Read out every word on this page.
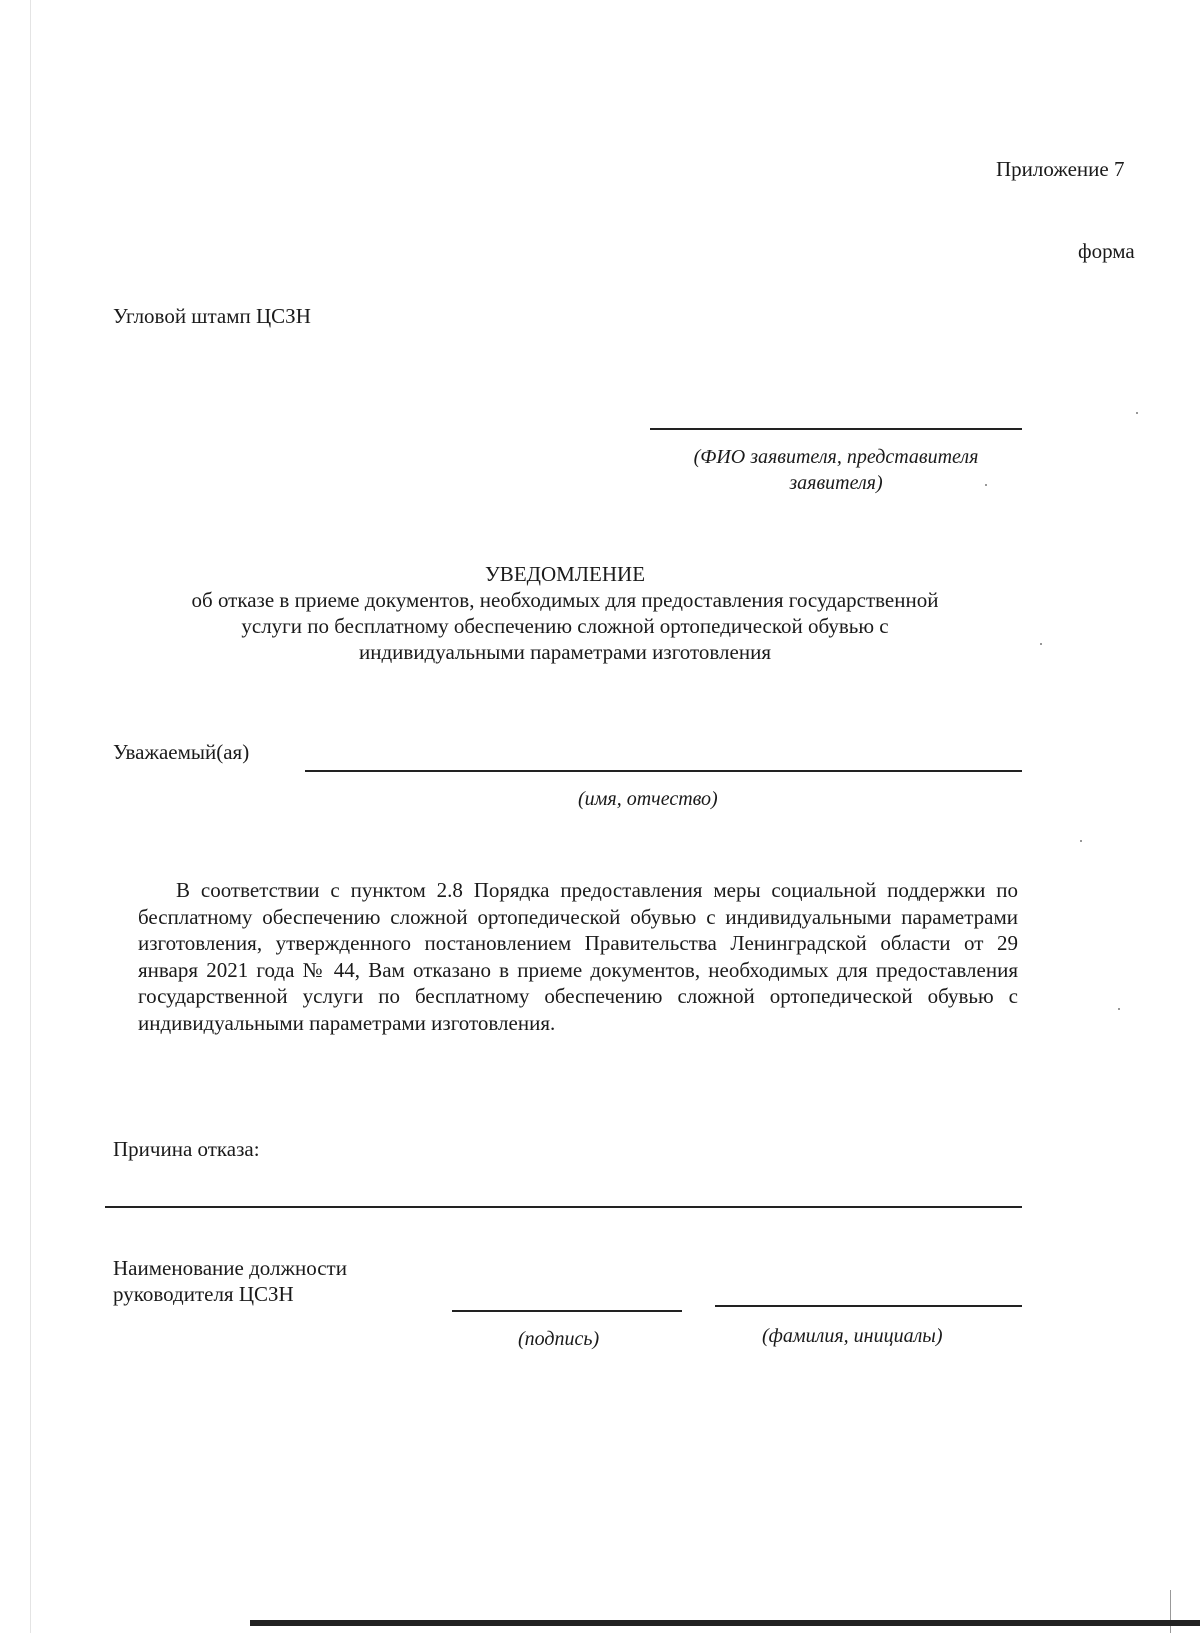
Приложение 7
форма
Угловой штамп ЦСЗН
(ФИО заявителя, представителя
заявителя)
УВЕДОМЛЕНИЕ
об отказе в приеме документов, необходимых для предоставления государственной
услуги по бесплатному обеспечению сложной ортопедической обувью с
индивидуальными параметрами изготовления
Уважаемый(ая)
(имя, отчество)
В соответствии с пунктом 2.8 Порядка предоставления меры социальной поддержки по бесплатному обеспечению сложной ортопедической обувью с индивидуальными параметрами изготовления, утвержденного постановлением Правительства Ленинградской области от 29 января 2021 года № 44, Вам отказано в приеме документов, необходимых для предоставления государственной услуги по бесплатному обеспечению сложной ортопедической обувью с индивидуальными параметрами изготовления.
Причина отказа:
Наименование должности
руководителя ЦСЗН
(подпись)	(фамилия, инициалы)
